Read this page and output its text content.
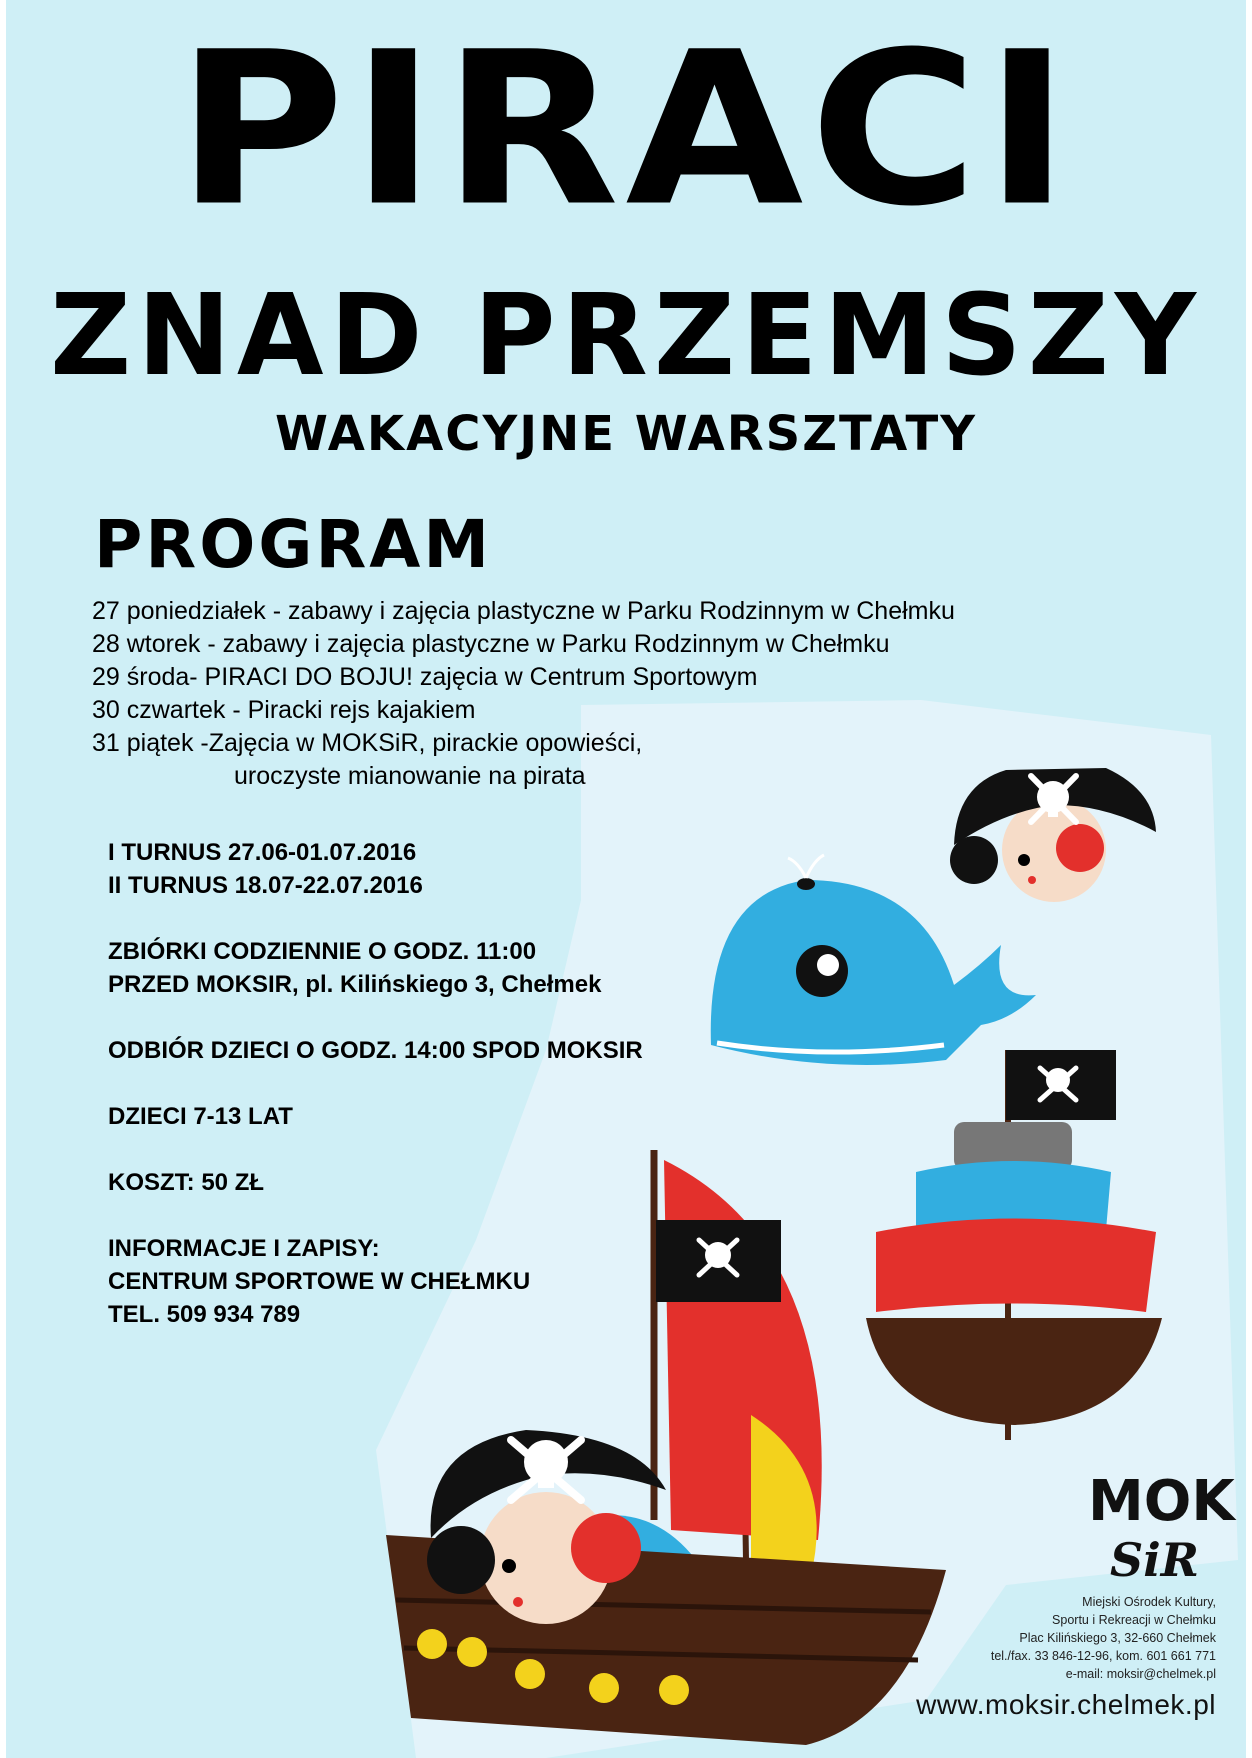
PIRACI
ZNAD PRZEMSZY
WAKACYJNE WARSZTATY
PROGRAM
27 poniedziałek - zabawy i zajęcia plastyczne w Parku Rodzinnym w Chełmku
28 wtorek - zabawy i zajęcia plastyczne w Parku Rodzinnym w Chełmku
29 środa- PIRACI DO BOJU! zajęcia w Centrum Sportowym
30 czwartek - Piracki rejs kajakiem
31 piątek -Zajęcia w MOKSiR, pirackie opowieści,
uroczyste mianowanie na pirata
I TURNUS 27.06-01.07.2016
II TURNUS 18.07-22.07.2016
ZBIÓRKI CODZIENNIE O GODZ. 11:00
PRZED MOKSIR, pl. Kilińskiego 3, Chełmek
ODBIÓR DZIECI O GODZ. 14:00 SPOD MOKSIR
DZIECI 7-13 LAT
KOSZT: 50 ZŁ
INFORMACJE I ZAPISY:
CENTRUM SPORTOWE W CHEŁMKU
TEL. 509 934 789
MOK
SiR
Miejski Ośrodek Kultury,
Sportu i Rekreacji w Chełmku
Plac Kilińskiego 3, 32-660 Chełmek
tel./fax. 33 846-12-96, kom. 601 661 771
e-mail: moksir@chelmek.pl
www.moksir.chelmek.pl
